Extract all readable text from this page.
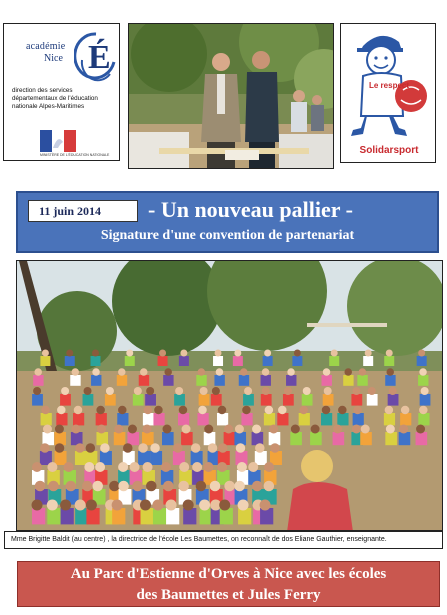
académie
Nice É
direction des services départementaux de l'éducation nationale Alpes-Maritimes
MINISTÈRE DE L'ÉDUCATION NATIONALE
Le respect
Solidarsport
11 juin 2014	- Un nouveau pallier -
Signature d'une convention de partenariat
Mme Brigitte Baldit (au centre) , la directrice de l'école Les Baumettes, on reconnaît de dos Eliane Gauthier, enseignante.
Au Parc d'Estienne d'Orves à Nice avec les écoles
des Baumettes et Jules Ferry
